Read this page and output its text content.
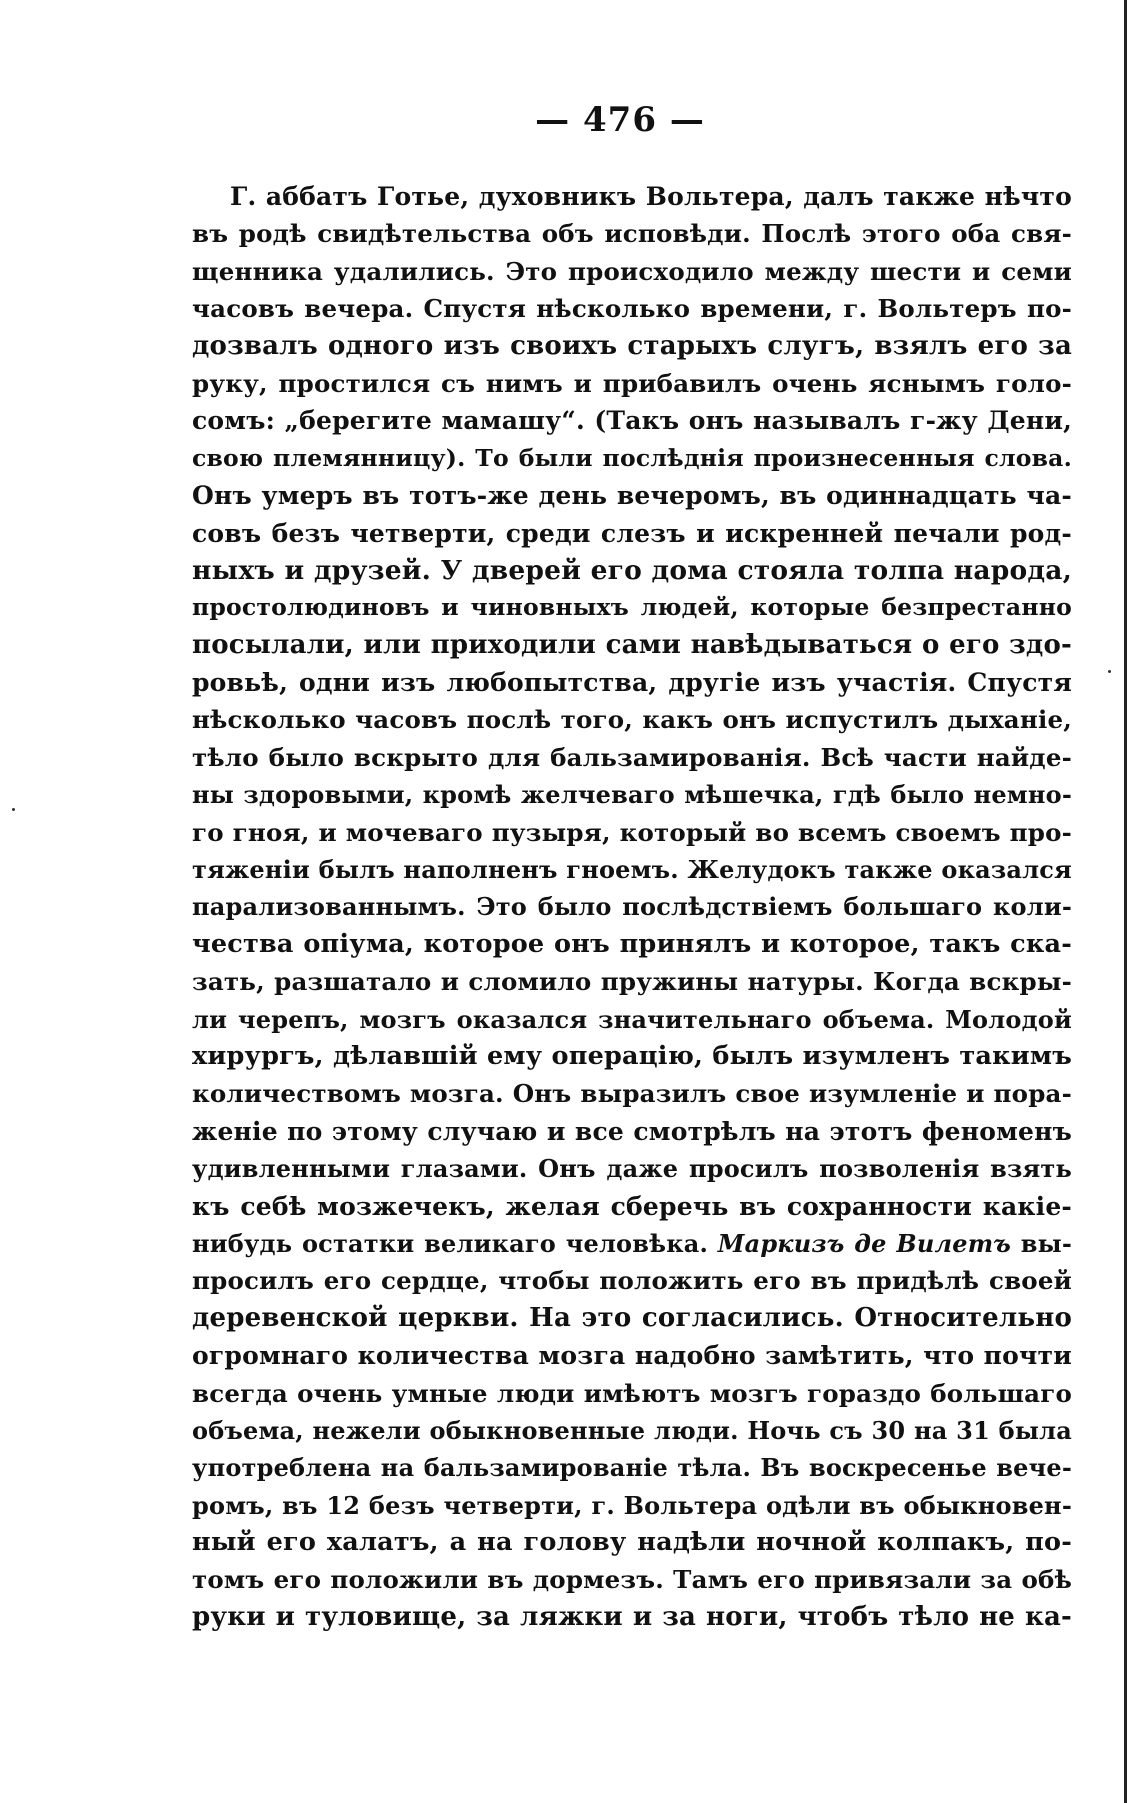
— 476 —
Г. аббатъ Готье, духовникъ Вольтера, далъ также нѣчто
въ родѣ свидѣтельства объ исповѣди. Послѣ этого оба свя-
щенника удалились. Это происходило между шести и семи
часовъ вечера. Спустя нѣсколько времени, г. Вольтеръ по-
дозвалъ одного изъ своихъ старыхъ слугъ, взялъ его за
руку, простился съ нимъ и прибавилъ очень яснымъ голо-
сомъ: „берегите мамашу“. (Такъ онъ называлъ г-жу Дени,
свою племянницу). То были послѣднія произнесенныя слова.
Онъ умеръ въ тотъ-же день вечеромъ, въ одиннадцать ча-
совъ безъ четверти, среди слезъ и искренней печали род-
ныхъ и друзей. У дверей его дома стояла толпа народа,
простолюдиновъ и чиновныхъ людей, которые безпрестанно
посылали, или приходили сами навѣдываться о его здо-
ровьѣ, одни изъ любопытства, другіе изъ участія. Спустя
нѣсколько часовъ послѣ того, какъ онъ испустилъ дыханіе,
тѣло было вскрыто для бальзамированія. Всѣ части найде-
ны здоровыми, кромѣ желчеваго мѣшечка, гдѣ было немно-
го гноя, и мочеваго пузыря, который во всемъ своемъ про-
тяженіи былъ наполненъ гноемъ. Желудокъ также оказался
парализованнымъ. Это было послѣдствіемъ большаго коли-
чества опіума, которое онъ принялъ и которое, такъ ска-
зать, разшатало и сломило пружины натуры. Когда вскры-
ли черепъ, мозгъ оказался значительнаго объема. Молодой
хирургъ, дѣлавшій ему операцію, былъ изумленъ такимъ
количествомъ мозга. Онъ выразилъ свое изумленіе и пора-
женіе по этому случаю и все смотрѣлъ на этотъ феноменъ
удивленными глазами. Онъ даже просилъ позволенія взять
къ себѣ мозжечекъ, желая сберечь въ сохранности какіе-
нибудь остатки великаго человѣка. Маркизъ де Вилетъ вы-
просилъ его сердце, чтобы положить его въ придѣлѣ своей
деревенской церкви. На это согласились. Относительно
огромнаго количества мозга надобно замѣтить, что почти
всегда очень умные люди имѣютъ мозгъ гораздо большаго
объема, нежели обыкновенные люди. Ночь съ 30 на 31 была
употреблена на бальзамированіе тѣла. Въ воскресенье вече-
ромъ, въ 12 безъ четверти, г. Вольтера одѣли въ обыкновен-
ный его халатъ, а на голову надѣли ночной колпакъ, по-
томъ его положили въ дормезъ. Тамъ его привязали за обѣ
руки и туловище, за ляжки и за ноги, чтобъ тѣло не ка-
